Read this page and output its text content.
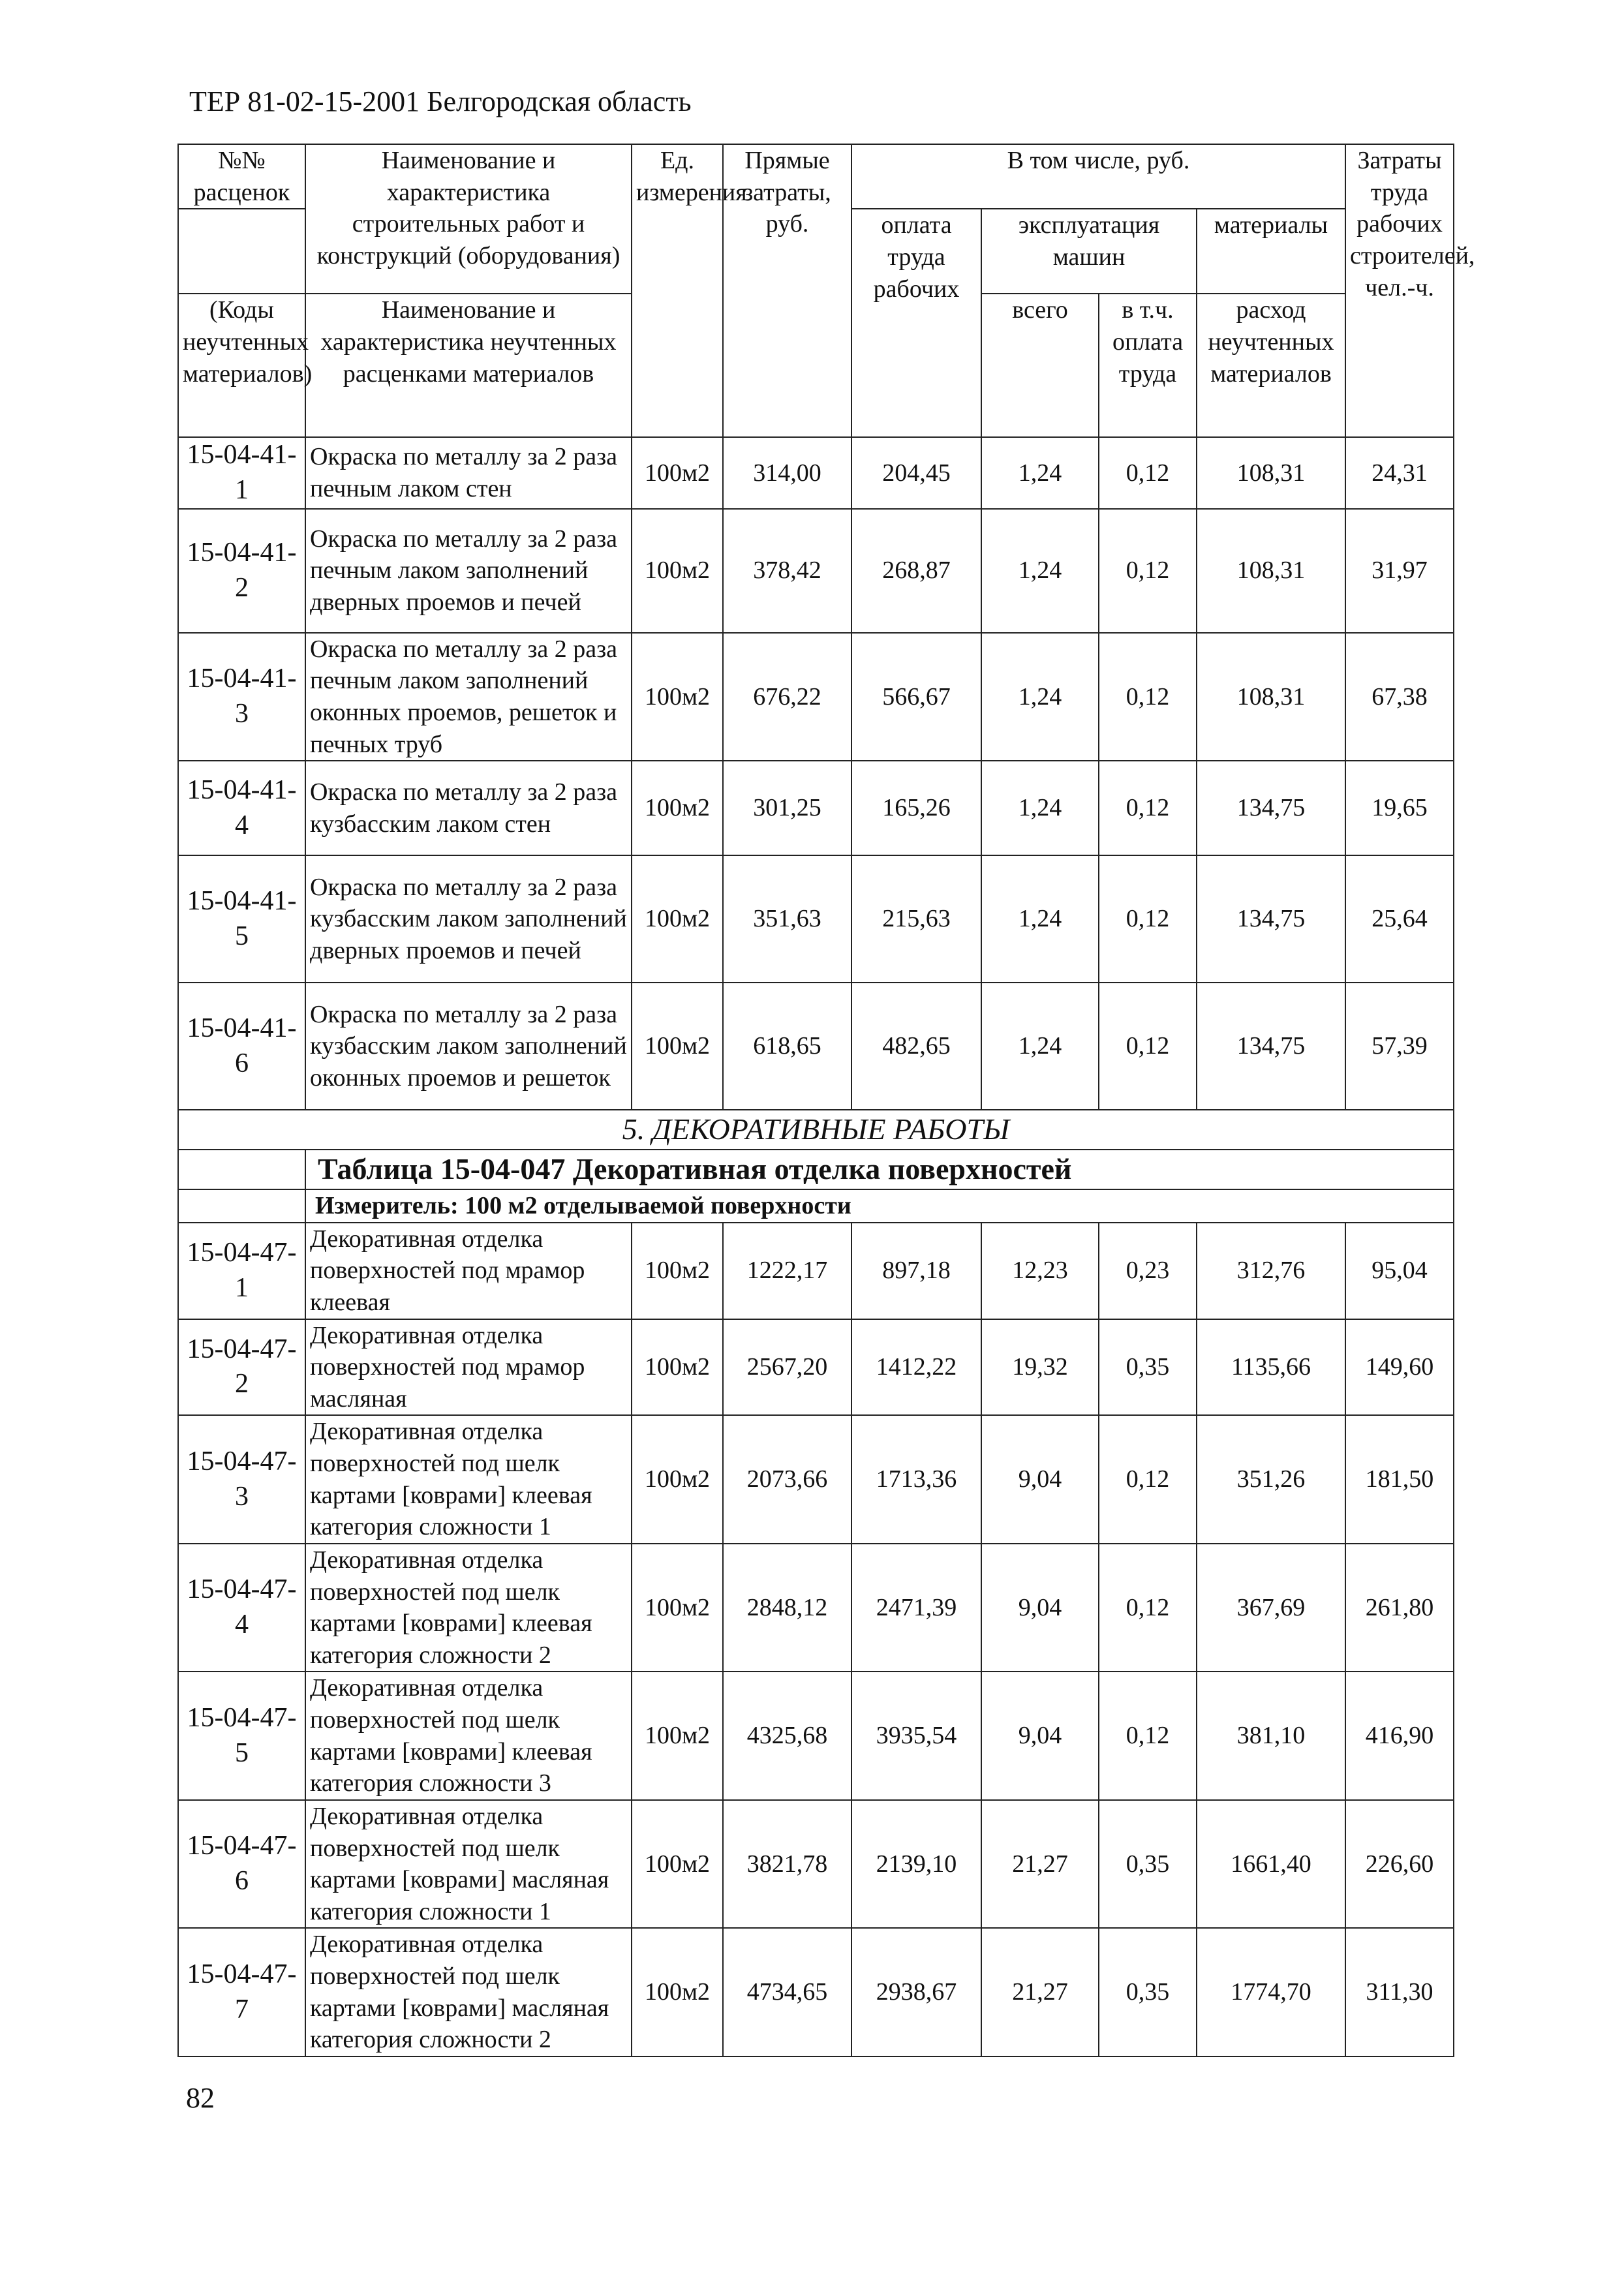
ТЕР 81-02-15-2001 Белгородская область
№№ расценок	Наименование и характеристика строительных работ и конструкций (оборудования)	Ед. измерения	Прямые затраты, руб.	В том числе, руб.				Затраты труда рабочих строителей, чел.-ч.
				оплата труда рабочих	эксплуатация машин		материалы	
(Коды неучтенных материалов)	Наименование и характеристика неучтенных расценками материалов				всего	в т.ч. оплата труда	расход неучтенных материалов	

15-04-41-1	Окраска по металлу за 2 раза печным лаком стен	100м2	314,00	204,45	1,24	0,12	108,31	24,31
15-04-41-2	Окраска по металлу за 2 раза печным лаком заполнений дверных проемов и печей	100м2	378,42	268,87	1,24	0,12	108,31	31,97
15-04-41-3	Окраска по металлу за 2 раза печным лаком заполнений оконных проемов, решеток и печных труб	100м2	676,22	566,67	1,24	0,12	108,31	67,38
15-04-41-4	Окраска по металлу за 2 раза кузбасским лаком стен	100м2	301,25	165,26	1,24	0,12	134,75	19,65
15-04-41-5	Окраска по металлу за 2 раза кузбасским лаком заполнений дверных проемов и печей	100м2	351,63	215,63	1,24	0,12	134,75	25,64
15-04-41-6	Окраска по металлу за 2 раза кузбасским лаком заполнений оконных проемов и решеток	100м2	618,65	482,65	1,24	0,12	134,75	57,39
5. ДЕКОРАТИВНЫЕ РАБОТЫ								
	Таблица 15-04-047 Декоративная отделка поверхностей							
	Измеритель: 100 м2 отделываемой поверхности							
15-04-47-1	Декоративная отделка поверхностей под мрамор клеевая	100м2	1222,17	897,18	12,23	0,23	312,76	95,04
15-04-47-2	Декоративная отделка поверхностей под мрамор масляная	100м2	2567,20	1412,22	19,32	0,35	1135,66	149,60
15-04-47-3	Декоративная отделка поверхностей под шелк картами [коврами] клеевая категория сложности 1	100м2	2073,66	1713,36	9,04	0,12	351,26	181,50
15-04-47-4	Декоративная отделка поверхностей под шелк картами [коврами] клеевая категория сложности 2	100м2	2848,12	2471,39	9,04	0,12	367,69	261,80
15-04-47-5	Декоративная отделка поверхностей под шелк картами [коврами] клеевая категория сложности 3	100м2	4325,68	3935,54	9,04	0,12	381,10	416,90
15-04-47-6	Декоративная отделка поверхностей под шелк картами [коврами] масляная категория сложности 1	100м2	3821,78	2139,10	21,27	0,35	1661,40	226,60
15-04-47-7	Декоративная отделка поверхностей под шелк картами [коврами] масляная категория сложности 2	100м2	4734,65	2938,67	21,27	0,35	1774,70	311,30
82
